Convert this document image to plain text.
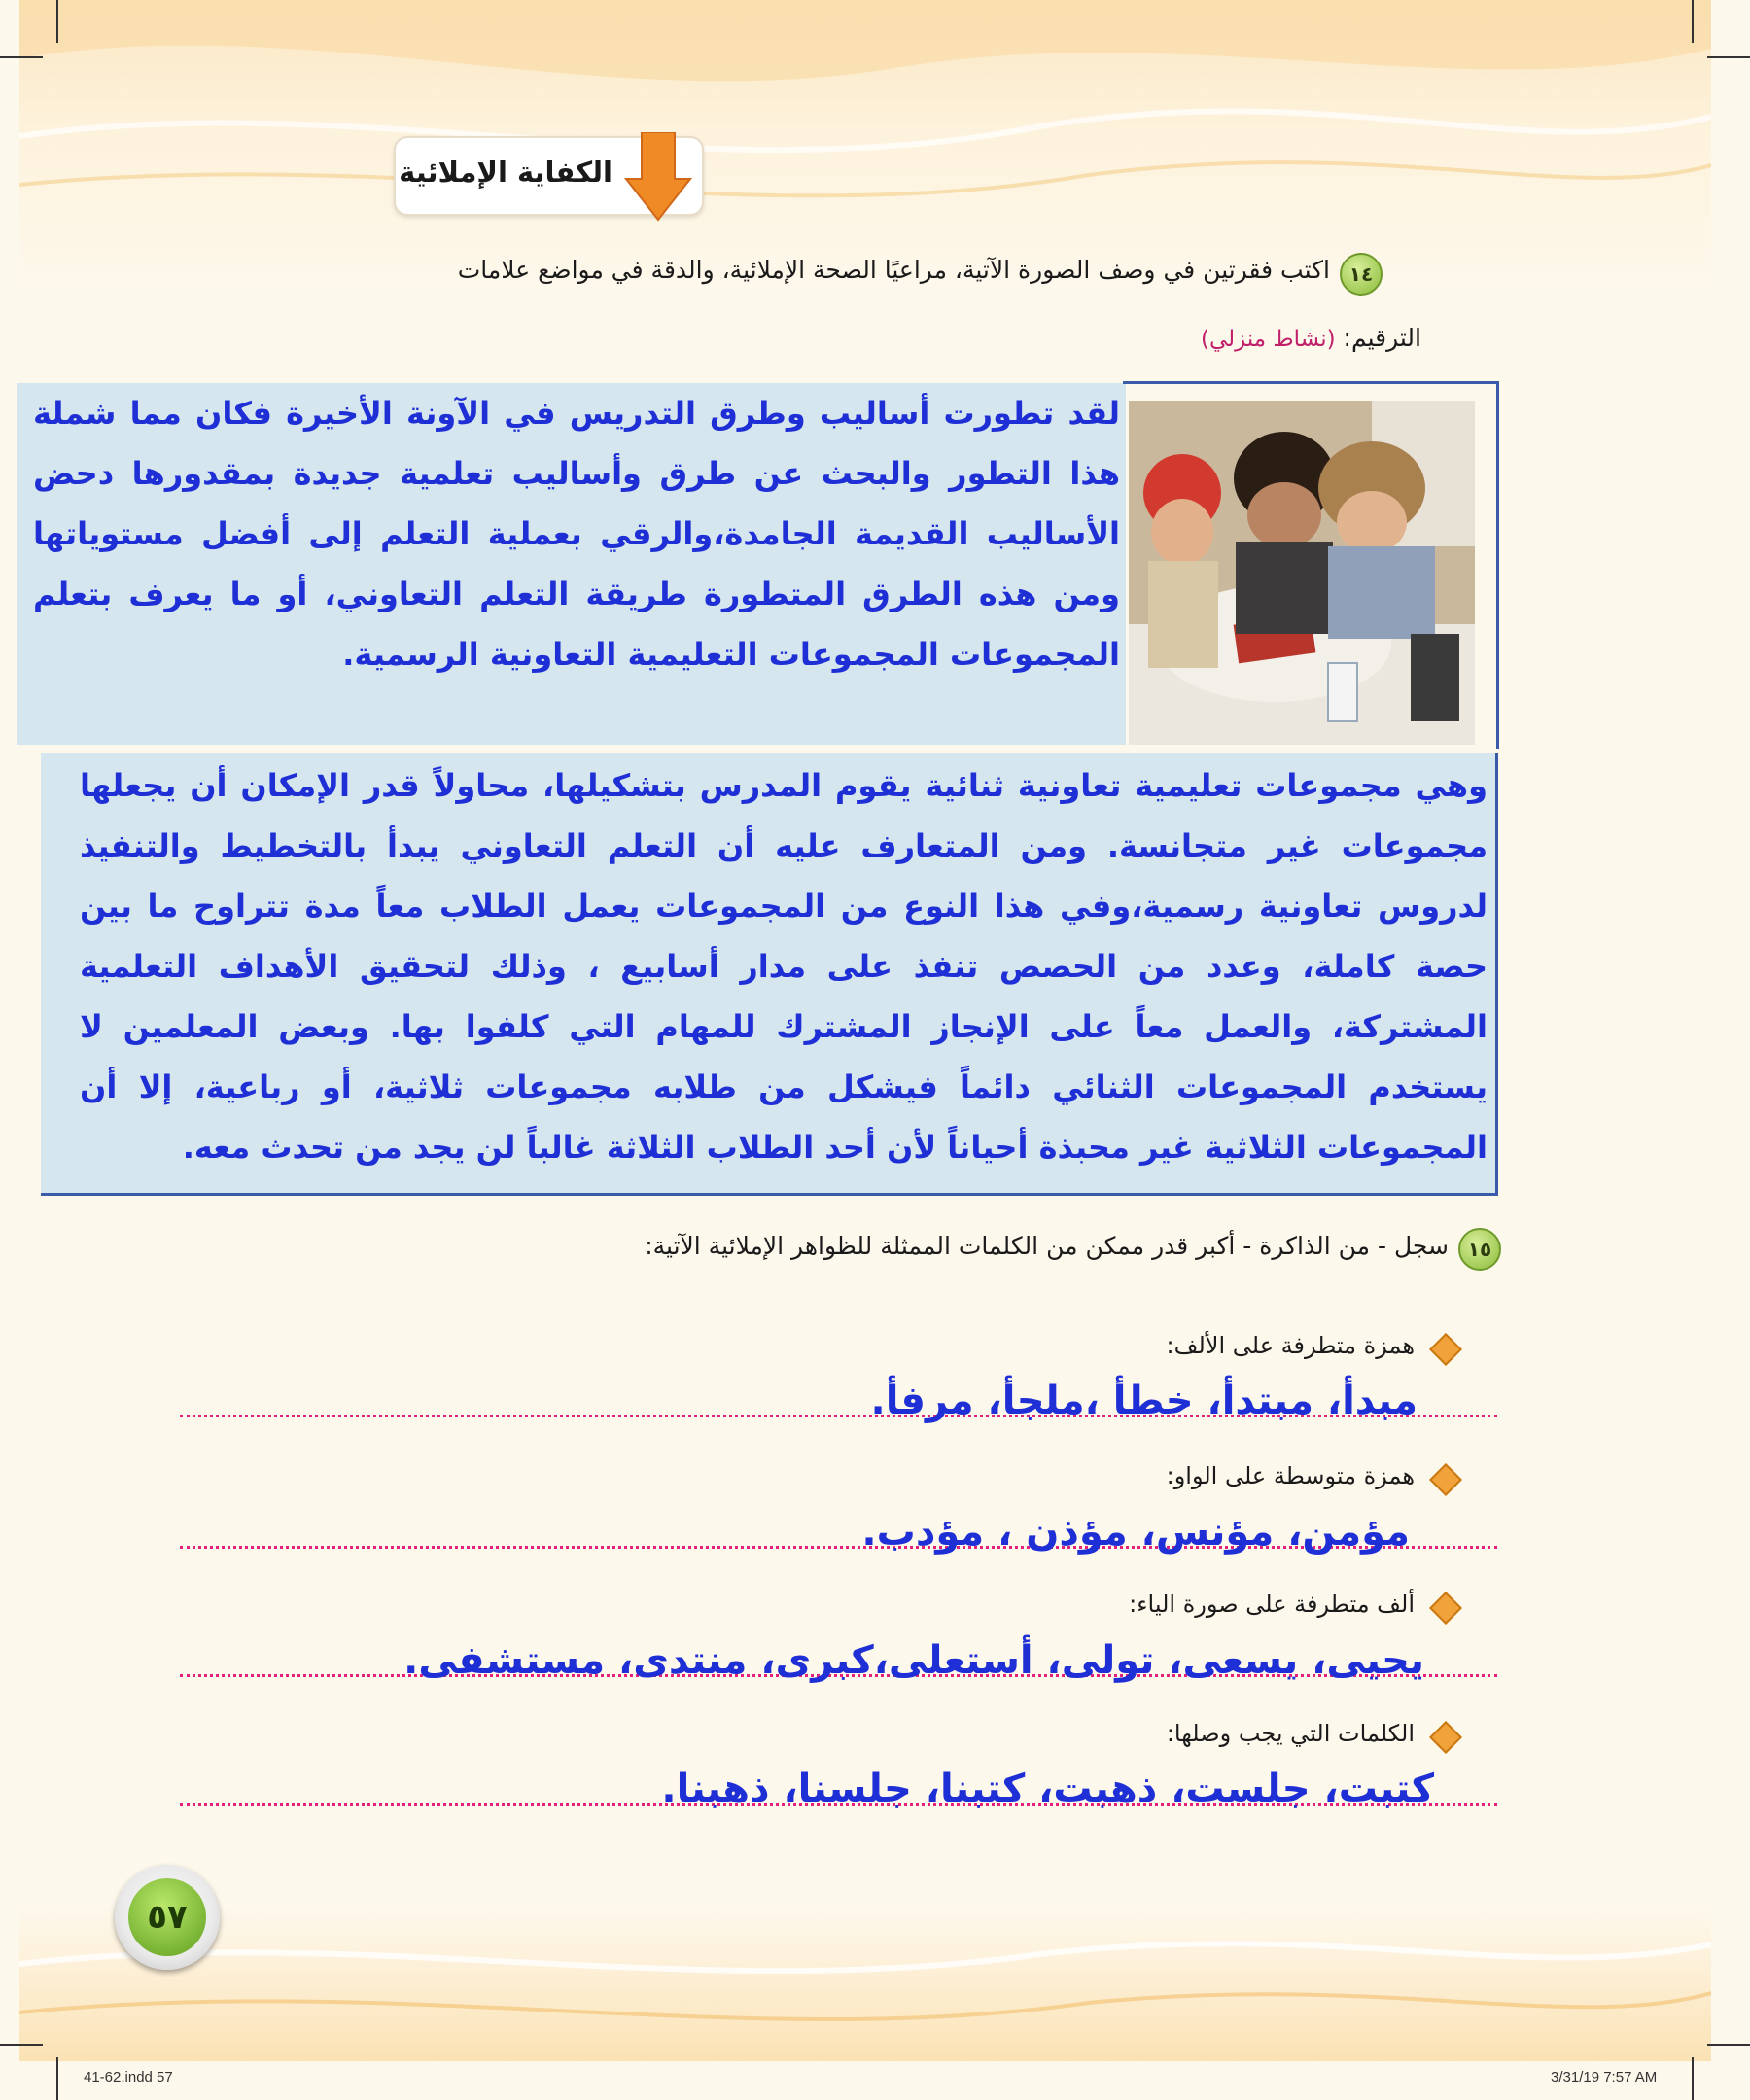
الكفاية الإملائية
١٤
اكتب فقرتين في وصف الصورة الآتية، مراعيًا الصحة الإملائية، والدقة في مواضع علامات
الترقيم: (نشاط منزلي)
لقد تطورت أساليب وطرق التدريس في الآونة الأخيرة فكان مما شملة هذا التطور والبحث عن طرق وأساليب تعلمية جديدة بمقدورها دحض الأساليب القديمة الجامدة،والرقي بعملية التعلم إلى أفضل مستوياتها ومن هذه الطرق المتطورة طريقة التعلم التعاوني، أو ما يعرف بتعلم المجموعات المجموعات التعليمية التعاونية الرسمية.
وهي مجموعات تعليمية تعاونية ثنائية يقوم المدرس بتشكيلها، محاولاً قدر الإمكان أن يجعلها مجموعات غير متجانسة. ومن المتعارف عليه أن التعلم التعاوني يبدأ بالتخطيط والتنفيذ لدروس تعاونية رسمية،وفي هذا النوع من المجموعات يعمل الطلاب معاً مدة تتراوح ما بين حصة كاملة، وعدد من الحصص تنفذ على مدار أسابيع ، وذلك لتحقيق الأهداف التعلمية المشتركة، والعمل معاً على الإنجاز المشترك للمهام التي كلفوا بها. وبعض المعلمين لا يستخدم المجموعات الثنائي دائماً فيشكل من طلابه مجموعات ثلاثية، أو رباعية، إلا أن المجموعات الثلاثية غير محبذة أحياناً لأن أحد الطلاب الثلاثة غالباً لن يجد من تحدث معه.
١٥
سجل - من الذاكرة - أكبر قدر ممكن من الكلمات الممثلة للظواهر الإملائية الآتية:
همزة متطرفة على الألف:
مبدأ، مبتدأ، خطأ ،ملجأ، مرفأ.
همزة متوسطة على الواو:
مؤمن، مؤنس، مؤذن ، مؤدب.
ألف متطرفة على صورة الياء:
يحيى، يسعى، تولى، أستعلى،كبرى، منتدى، مستشفى.
الكلمات التي يجب وصلها:
كتبت، جلست، ذهبت، كتبنا، جلسنا، ذهبنا.
٥٧
41-62.indd 57	3/31/19 7:57 AM
